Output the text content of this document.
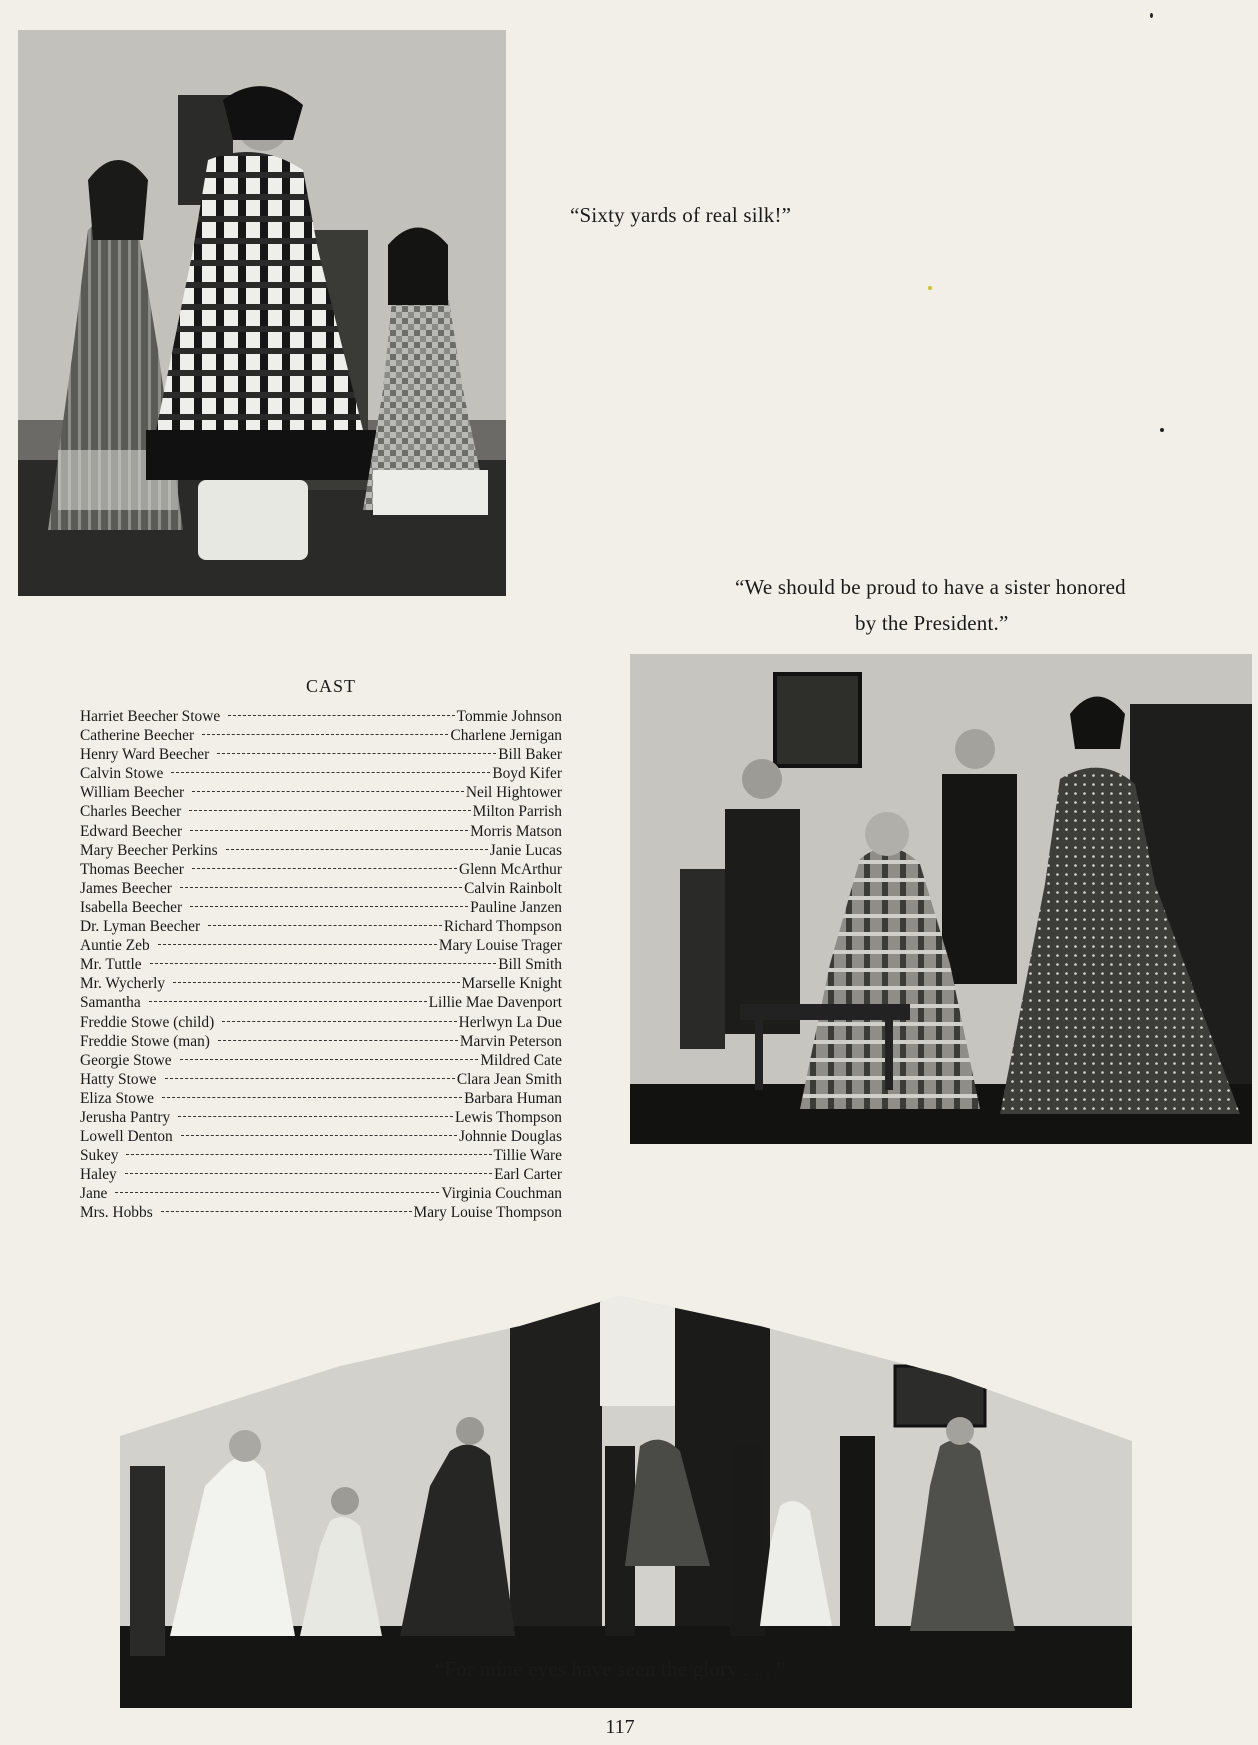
“Sixty yards of real silk!”
“We should be proud to have a sister honored
by the President.”
CAST
Harriet Beecher Stowe	Tommie Johnson
Catherine Beecher	Charlene Jernigan
Henry Ward Beecher	Bill Baker
Calvin Stowe	Boyd Kifer
William Beecher	Neil Hightower
Charles Beecher	Milton Parrish
Edward Beecher	Morris Matson
Mary Beecher Perkins	Janie Lucas
Thomas Beecher	Glenn McArthur
James Beecher	Calvin Rainbolt
Isabella Beecher	Pauline Janzen
Dr. Lyman Beecher	Richard Thompson
Auntie Zeb	Mary Louise Trager
Mr. Tuttle	Bill Smith
Mr. Wycherly	Marselle Knight
Samantha	Lillie Mae Davenport
Freddie Stowe (child)	Herlwyn La Due
Freddie Stowe (man)	Marvin Peterson
Georgie Stowe	Mildred Cate
Hatty Stowe	Clara Jean Smith
Eliza Stowe	Barbara Human
Jerusha Pantry	Lewis Thompson
Lowell Denton	Johnnie Douglas
Sukey	Tillie Ware
Haley	Earl Carter
Jane	Virginia Couchman
Mrs. Hobbs	Mary Louise Thompson
“For mine eyes have seen the glory . . . ”
117
